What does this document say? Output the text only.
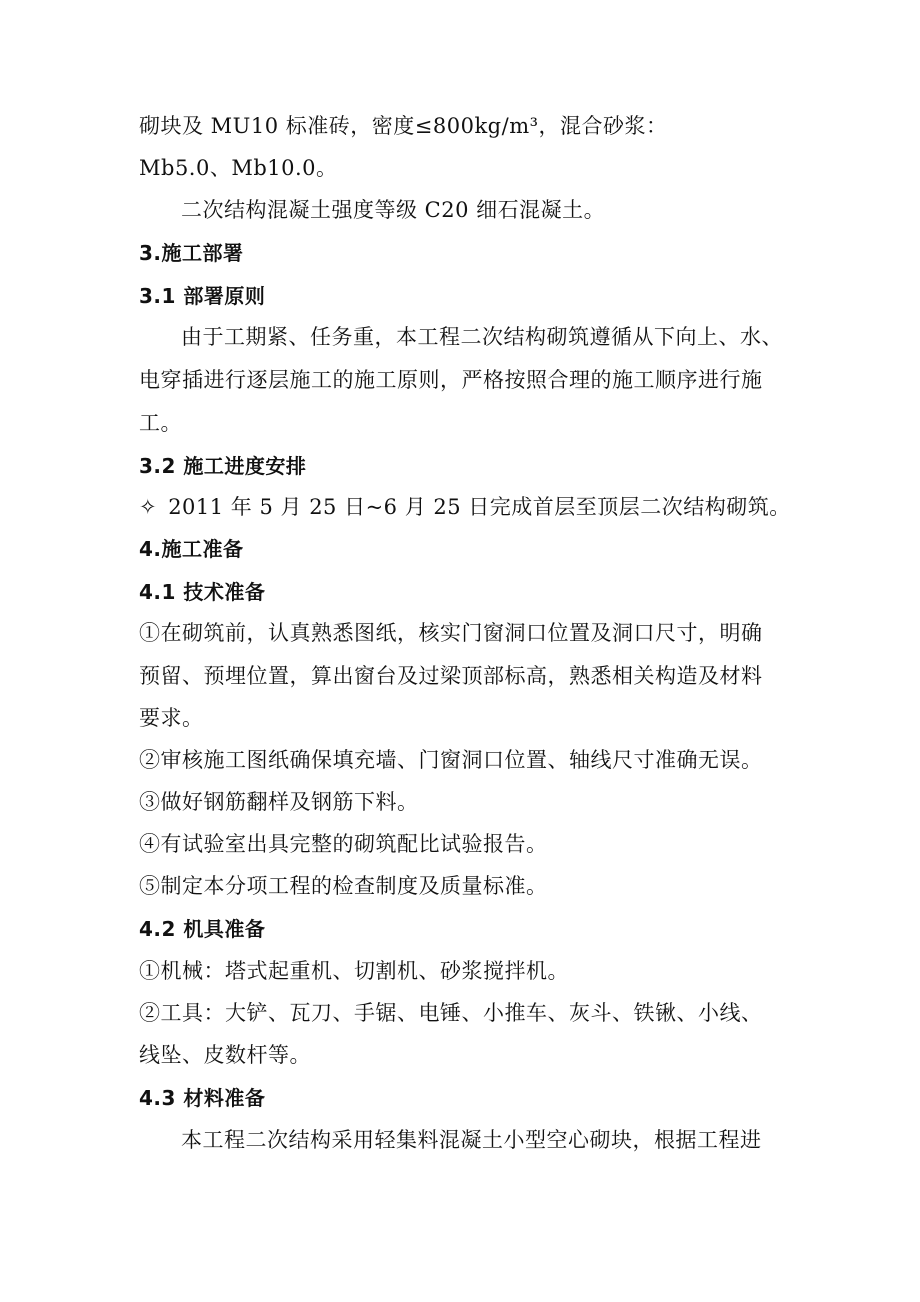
砌块及 MU10 标准砖，密度≤800kg/m³，混合砂浆：
Mb5.0、Mb10.0。
二次结构混凝土强度等级 C20 细石混凝土。
3.施工部署
3.1 部署原则
由于工期紧、任务重，本工程二次结构砌筑遵循从下向上、水、
电穿插进行逐层施工的施工原则，严格按照合理的施工顺序进行施
工。
3.2 施工进度安排
✧ 2011 年 5 月 25 日~6 月 25 日完成首层至顶层二次结构砌筑。
4.施工准备
4.1 技术准备
①在砌筑前，认真熟悉图纸，核实门窗洞口位置及洞口尺寸，明确
预留、预埋位置，算出窗台及过梁顶部标高，熟悉相关构造及材料
要求。
②审核施工图纸确保填充墙、门窗洞口位置、轴线尺寸准确无误。
③做好钢筋翻样及钢筋下料。
④有试验室出具完整的砌筑配比试验报告。
⑤制定本分项工程的检查制度及质量标准。
4.2 机具准备
①机械：塔式起重机、切割机、砂浆搅拌机。
②工具：大铲、瓦刀、手锯、电锤、小推车、灰斗、铁锹、小线、
线坠、皮数杆等。
4.3 材料准备
本工程二次结构采用轻集料混凝土小型空心砌块，根据工程进
